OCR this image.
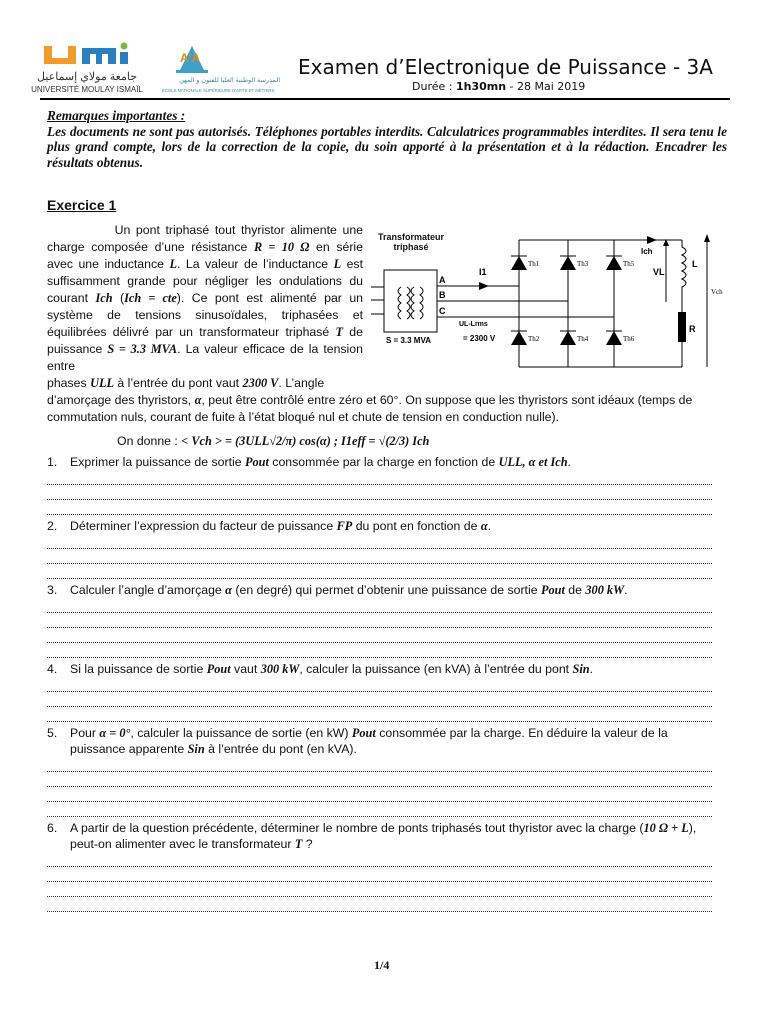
جامعة مولاي إسماعيل
UNIVERSITÉ MOULAY ISMAÏL
A'A
المدرسة الوطنية العليا للفنون و المهن
ÉCOLE NATIONALE SUPÉRIEURE D'ARTS ET MÉTIERS
Examen d’Electronique de Puissance - 3A
Durée : 1h30mn - 28 Mai 2019
Remarques importantes :
Les documents ne sont pas autorisés. Téléphones portables interdits. Calculatrices programmables interdites. Il sera tenu le plus grand compte, lors de la correction de la copie, du soin apporté à la présentation et à la rédaction. Encadrer les résultats obtenus.
Exercice 1
A
B
C
I1
S = 3.3 MVA
UL-Lrms
= 2300 V
Th1	Th3	Th5
Th2	Th4	Th6
Ich
VL
L
R
Vch
Transformateur triphasé
Un pont triphasé tout thyristor alimente une charge composée d’une résistance R = 10 Ω en série avec une inductance L. La valeur de l’inductance L est suffisamment grande pour négliger les ondulations du courant Ich (Ich = cte). Ce pont est alimenté par un système de tensions sinusoïdales, triphasées et équilibrées délivré par un transformateur triphasé T de puissance S = 3.3 MVA. La valeur efficace de la tension entre
phases ULL à l’entrée du pont vaut 2300 V. L’angle d’amorçage des thyristors, α, peut être contrôlé entre zéro et 60°. On suppose que les thyristors sont idéaux (temps de commutation nuls, courant de fuite à l’état bloqué nul et chute de tension en conduction nulle).
On donne : < Vch > = (3ULL√2/π) cos(α) ; I1eff = √(2/3) Ich
1. Exprimer la puissance de sortie Pout consommée par la charge en fonction de ULL, α et Ich.
2. Déterminer l’expression du facteur de puissance FP du pont en fonction de α.
3. Calculer l’angle d’amorçage α (en degré) qui permet d’obtenir une puissance de sortie Pout de 300 kW.
4. Si la puissance de sortie Pout vaut 300 kW, calculer la puissance (en kVA) à l’entrée du pont Sin.
5. Pour α = 0°, calculer la puissance de sortie (en kW) Pout consommée par la charge. En déduire la valeur de la puissance apparente Sin à l’entrée du pont (en kVA).
6. A partir de la question précédente, déterminer le nombre de ponts triphasés tout thyristor avec la charge (10 Ω + L), peut-on alimenter avec le transformateur T ?
1/4
